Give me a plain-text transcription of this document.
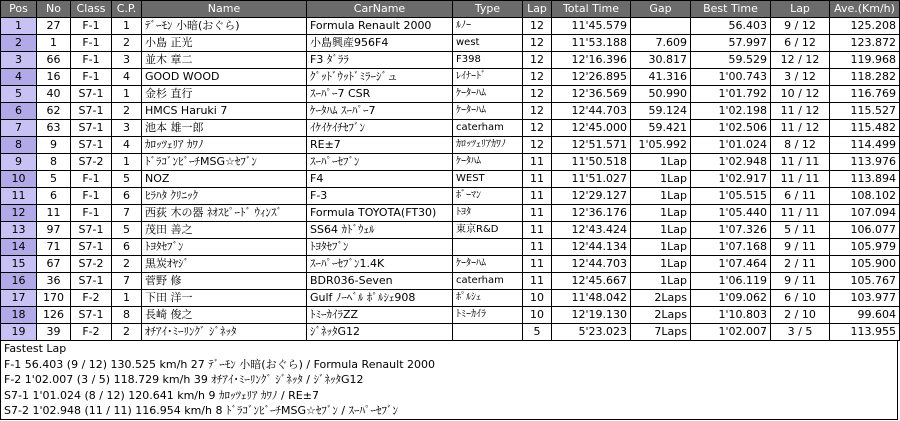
Pos	No	Class	C.P.	Name	CarName	Type	Lap	Total Time	Gap	Best Time	Lap	Ave.(Km/h)
1	27	F-1	1	ﾃﾞｰﾓﾝ 小暗(おぐら)	Formula Renault 2000	ﾙﾉｰ	12	11'45.579		56.403	9 / 12	125.208
2	1	F-1	2	小島 正光	小島興産956F4	west	12	11'53.188	7.609	57.997	6 / 12	123.872
3	66	F-1	3	並木 章二	F3 ﾀﾞﾗﾗ	F398	12	12'16.396	30.817	59.529	12 / 12	119.968
4	16	F-1	4	GOOD WOOD	ｸﾞｯﾄﾞｳｯﾄﾞﾐﾗｰｼﾞュ	ﾚｲﾅｰﾄﾞ	12	12'26.895	41.316	1'00.743	3 / 12	118.282
5	40	S7-1	1	金杉 直行	ｽｰﾊﾟｰ7 CSR	ｹｰﾀｰﾊﾑ	12	12'36.569	50.990	1'01.792	10 / 12	116.769
6	62	S7-1	2	HMCS Haruki 7	ｹｰﾀﾊﾑ ｽｰﾊﾟｰ7	ｹｰﾀｰﾊﾑ	12	12'44.703	59.124	1'02.198	11 / 12	115.527
7	63	S7-1	3	池本 雄一郎	ｲｹｲｹｲﾁｾﾌﾞﾝ	caterham	12	12'45.000	59.421	1'02.506	11 / 12	115.482
8	9	S7-1	4	ｶﾛｯﾂｪﾘｱ ｶﾜﾉ	RE±7	ｶﾛｯﾂｪﾘｱｶﾜﾉ	12	12'51.571	1'05.992	1'01.024	8 / 12	114.499
9	8	S7-2	1	ﾄﾞﾗｺﾞﾝﾋﾞｰﾁMSG☆ｾﾌﾞﾝ	ｽｰﾊﾟｰｾﾌﾞﾝ	ｹｰﾀﾊﾑ	11	11'50.518	1Lap	1'02.948	11 / 11	113.976
10	5	F-1	5	NOZ	F4	WEST	11	11'51.027	1Lap	1'02.917	11 / 11	113.894
11	6	F-1	6	ﾋﾗﾊﾀ ｸﾘﾆｯｸ	F-3	ﾎﾞｰﾏﾝ	11	12'29.127	1Lap	1'05.515	6 / 11	108.102
12	11	F-1	7	西荻 木の器 ﾈｵｽﾋﾟｰﾄﾞ ｳｨﾝｽﾞ	Formula TOYOTA(FT30)	ﾄﾖﾀ	11	12'36.176	1Lap	1'05.440	11 / 11	107.094
13	97	S7-1	5	茂田 善之	SS64 ｶﾄﾞｳｪﾙ	東京R&D	11	12'43.424	1Lap	1'07.326	5 / 11	106.077
14	71	S7-1	6	ﾄﾖﾀｾﾌﾞﾝ	ﾄﾖﾀｾﾌﾞﾝ		11	12'44.134	1Lap	1'07.168	9 / 11	105.979
15	67	S7-2	2	黒炭ｵﾔｼﾞ	ｽｰﾊﾟｰｾﾌﾞﾝ1.4K	ｹｰﾀｰﾊﾑ	11	12'44.703	1Lap	1'07.464	2 / 11	105.900
16	36	S7-1	7	菅野 修	BDR036-Seven	caterham	11	12'45.667	1Lap	1'06.119	9 / 11	105.767
17	170	F-2	1	下田 洋一	Gulf ﾉｰﾍﾞﾙ ﾎﾟﾙｼｪ908	ﾎﾟﾙｼｪ	10	11'48.042	2Laps	1'09.062	6 / 10	103.977
18	126	S7-1	8	長崎 俊之	ﾄﾐｰｶｲﾗZZ	ﾄﾐｰｶｲﾗ	10	12'19.130	2Laps	1'10.803	2 / 10	99.604
19	39	F-2	2	ｵﾁｱｲ･ﾐｰﾘﾝｸﾞ ｼﾞﾈｯﾀ	ｼﾞﾈｯﾀG12		5	5'23.023	7Laps	1'02.007	3 / 5	113.955
Fastest Lap
F-1 56.403 (9 / 12) 130.525 km/h 27 ﾃﾞｰﾓﾝ 小暗(おぐら) / Formula Renault 2000
F-2 1'02.007 (3 / 5) 118.729 km/h 39 ｵﾁｱｲ･ﾐｰﾘﾝｸﾞ ｼﾞﾈｯﾀ / ｼﾞﾈｯﾀG12
S7-1 1'01.024 (8 / 12) 120.641 km/h 9 ｶﾛｯﾂｪﾘｱ ｶﾜﾉ / RE±7
S7-2 1'02.948 (11 / 11) 116.954 km/h 8 ﾄﾞﾗｺﾞﾝﾋﾞｰﾁMSG☆ｾﾌﾞﾝ / ｽｰﾊﾟｰｾﾌﾞﾝ
